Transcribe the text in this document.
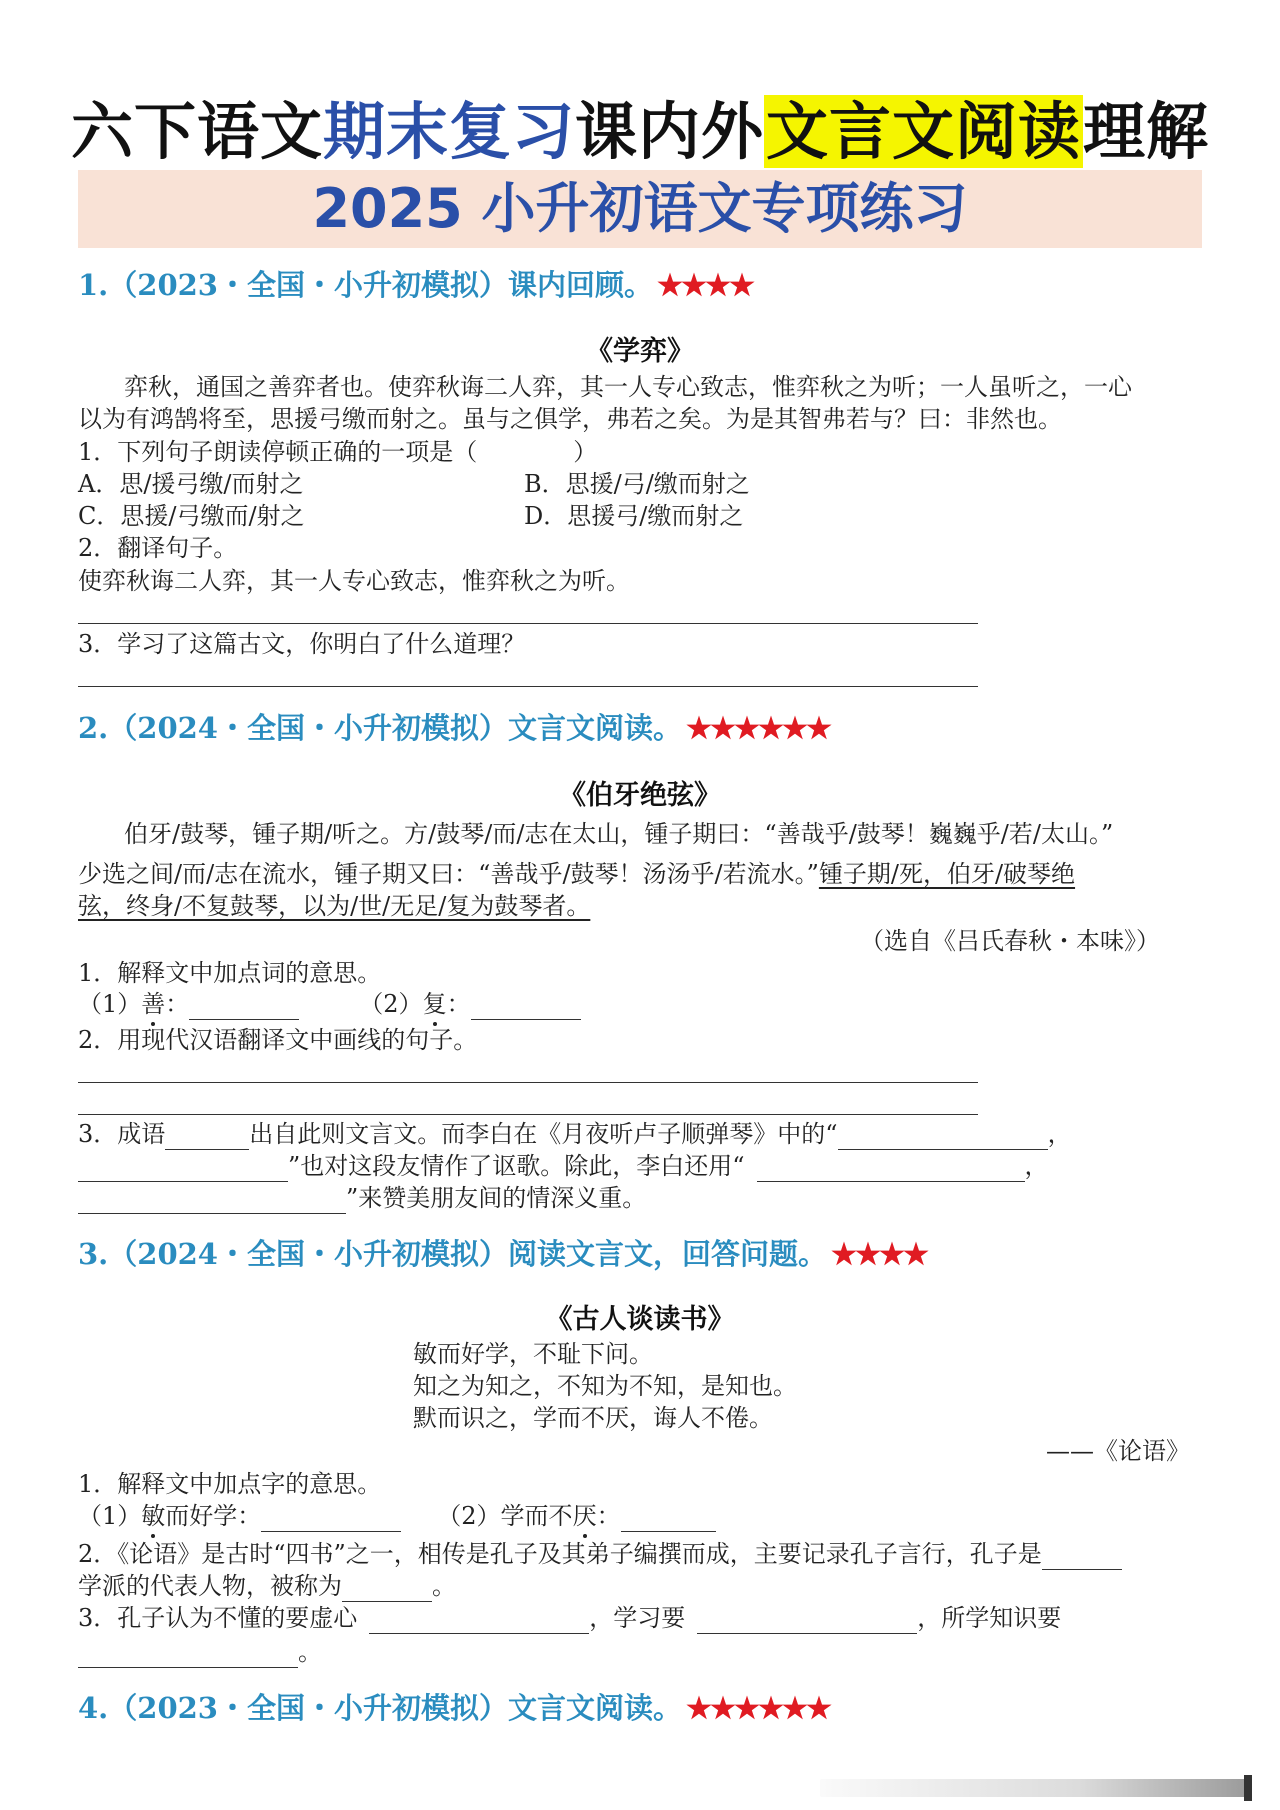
六下语文期末复习课内外文言文阅读理解
2025 小升初语文专项练习
1.（2023・全国・小升初模拟）课内回顾。 ★★★★
《学弈》
弈秋，通国之善弈者也。使弈秋诲二人弈，其一人专心致志，惟弈秋之为听；一人虽听之，一心
以为有鸿鹄将至，思援弓缴而射之。虽与之俱学，弗若之矣。为是其智弗若与？曰：非然也。
1．下列句子朗读停顿正确的一项是（　　　　）
A．思/援弓缴/而射之	B．思援/弓/缴而射之
C．思援/弓缴而/射之	D．思援弓/缴而射之
2．翻译句子。
使弈秋诲二人弈，其一人专心致志，惟弈秋之为听。
3．学习了这篇古文，你明白了什么道理？
2.（2024・全国・小升初模拟）文言文阅读。 ★★★★★★
《伯牙绝弦》
伯牙/鼓琴，锺子期/听之。方/鼓琴/而/志在太山，锺子期曰：“善哉乎/鼓琴！巍巍乎/若/太山。”
少选之间/而/志在流水，锺子期又曰：“善哉乎/鼓琴！汤汤乎/若流水。”锺子期/死，伯牙/破琴绝
弦，终身/不复鼓琴，以为/世/无足/复为鼓琴者。
（选自《吕氏春秋・本味》）
1．解释文中加点词的意思。
（1）善：	（2）复：
2．用现代汉语翻译文中画线的句子。
3．成语	出自此则文言文。而李白在《月夜听卢子顺弹琴》中的“	，
”也对这段友情作了讴歌。除此，李白还用“	，
”来赞美朋友间的情深义重。
3.（2024・全国・小升初模拟）阅读文言文，回答问题。 ★★★★
《古人谈读书》
敏而好学，不耻下问。
知之为知之，不知为不知，是知也。
默而识之，学而不厌，诲人不倦。
——《论语》
1．解释文中加点字的意思。
（1）敏而好学：	（2）学而不厌：
2．《论语》是古时“四书”之一，相传是孔子及其弟子编撰而成，主要记录孔子言行，孔子是
学派的代表人物，被称为	。
3．孔子认为不懂的要虚心	，学习要	，所学知识要
。
4.（2023・全国・小升初模拟）文言文阅读。 ★★★★★★
